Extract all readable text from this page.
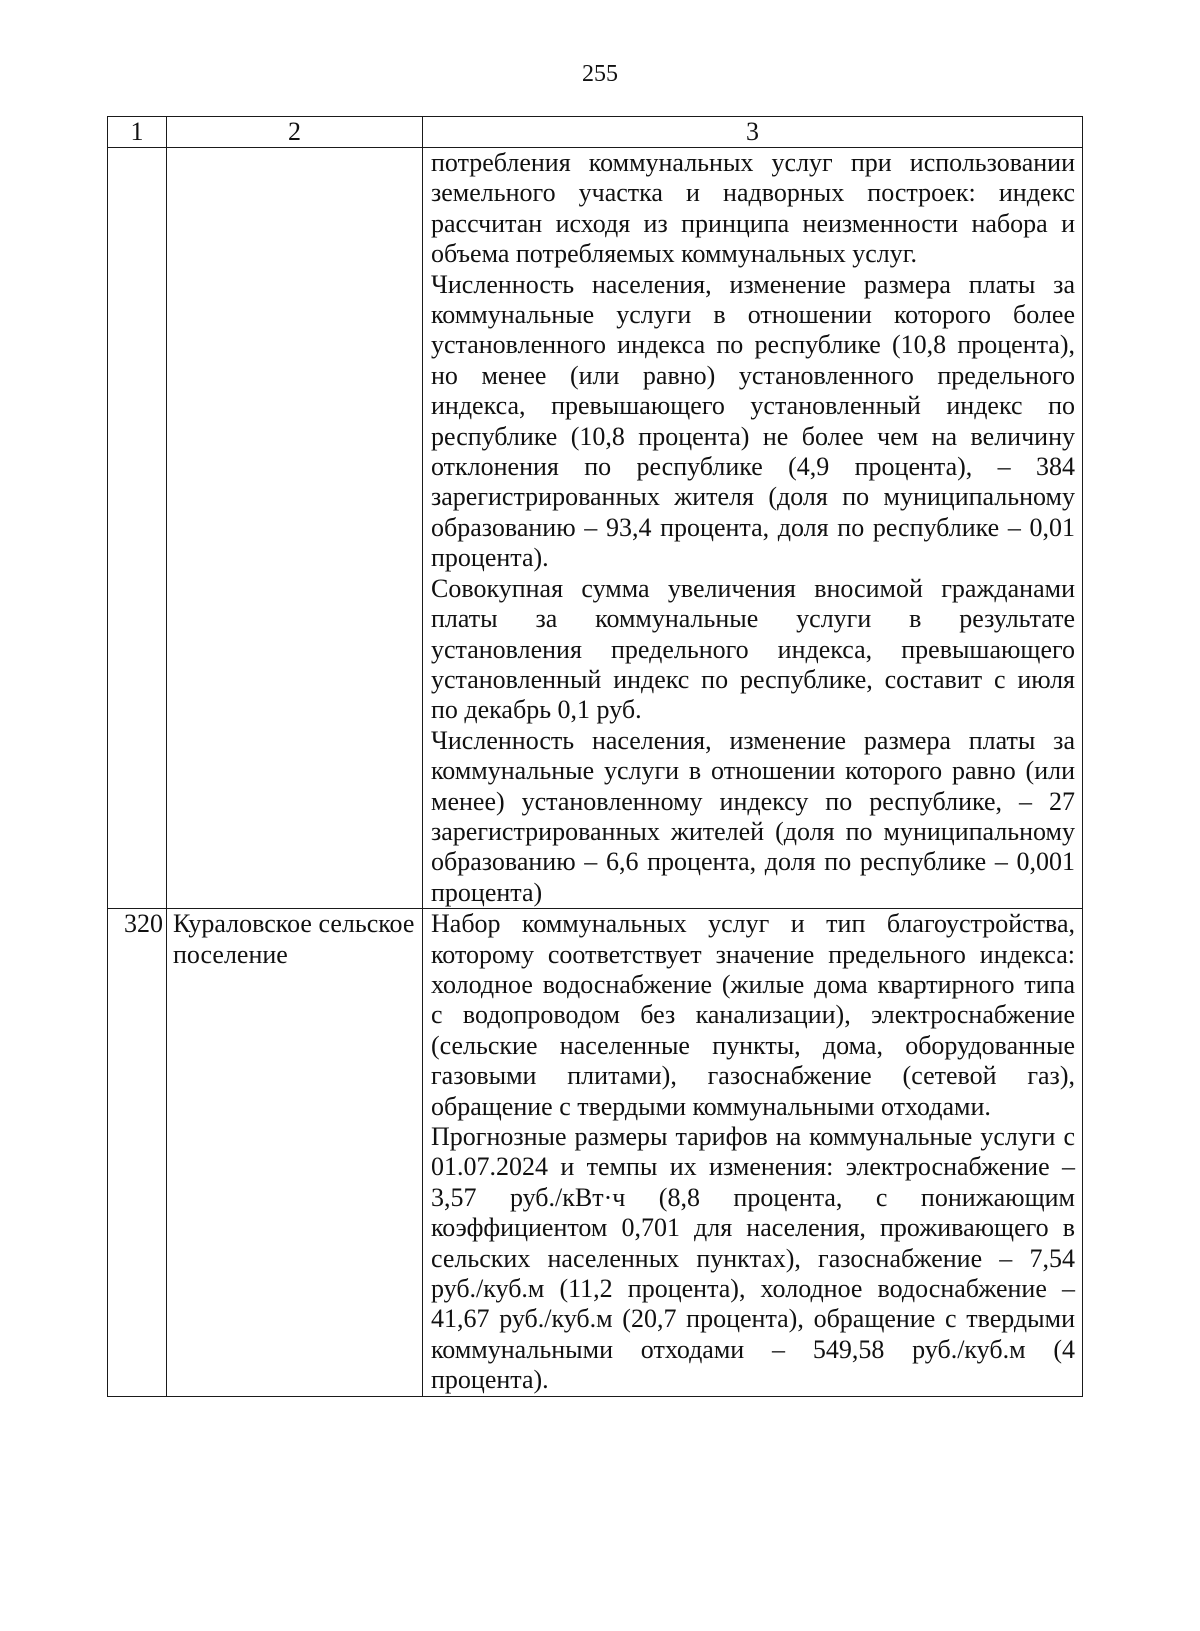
255
1	2	3

		потребления коммунальных услуг при использовании земельного участка и надворных построек: индекс рассчитан исходя из принципа неизменности набора и объема потребляемых коммунальных услуг.

Численность населения, изменение размера платы за коммунальные услуги в отношении которого более установленного индекса по республике (10,8 процента), но менее (или равно) установленного предельного индекса, превышающего установленный индекс по республике (10,8 процента) не более чем на величину отклонения по республике (4,9 процента), – 384 зарегистрированных жителя (доля по муниципальному образованию – 93,4 процента, доля по республике – 0,01 процента).

Совокупная сумма увеличения вносимой гражданами платы за коммунальные услуги в результате установления предельного индекса, превышающего установленный индекс по республике, составит с июля по декабрь 0,1 руб.

Численность населения, изменение размера платы за коммунальные услуги в отношении которого равно (или менее) установленному индексу по республике, – 27 зарегистрированных жителей (доля по муниципальному образованию – 6,6 процента, доля по республике – 0,001 процента)

320	Кураловское сельское поселение	Набор коммунальных услуг и тип благоустройства, которому соответствует значение предельного индекса: холодное водоснабжение (жилые дома квартирного типа с водопроводом без канализации), электроснабжение (сельские населенные пункты, дома, оборудованные газовыми плитами), газоснабжение (сетевой газ), обращение с твердыми коммунальными отходами.

Прогнозные размеры тарифов на коммунальные услуги с 01.07.2024 и темпы их изменения: электроснабжение – 3,57 руб./кВт·ч (8,8 процента, с понижающим коэффициентом 0,701 для населения, проживающего в сельских населенных пунктах), газоснабжение – 7,54 руб./куб.м (11,2 процента), холодное водоснабжение – 41,67 руб./куб.м (20,7 процента), обращение с твердыми коммунальными отходами – 549,58 руб./куб.м (4 процента).
